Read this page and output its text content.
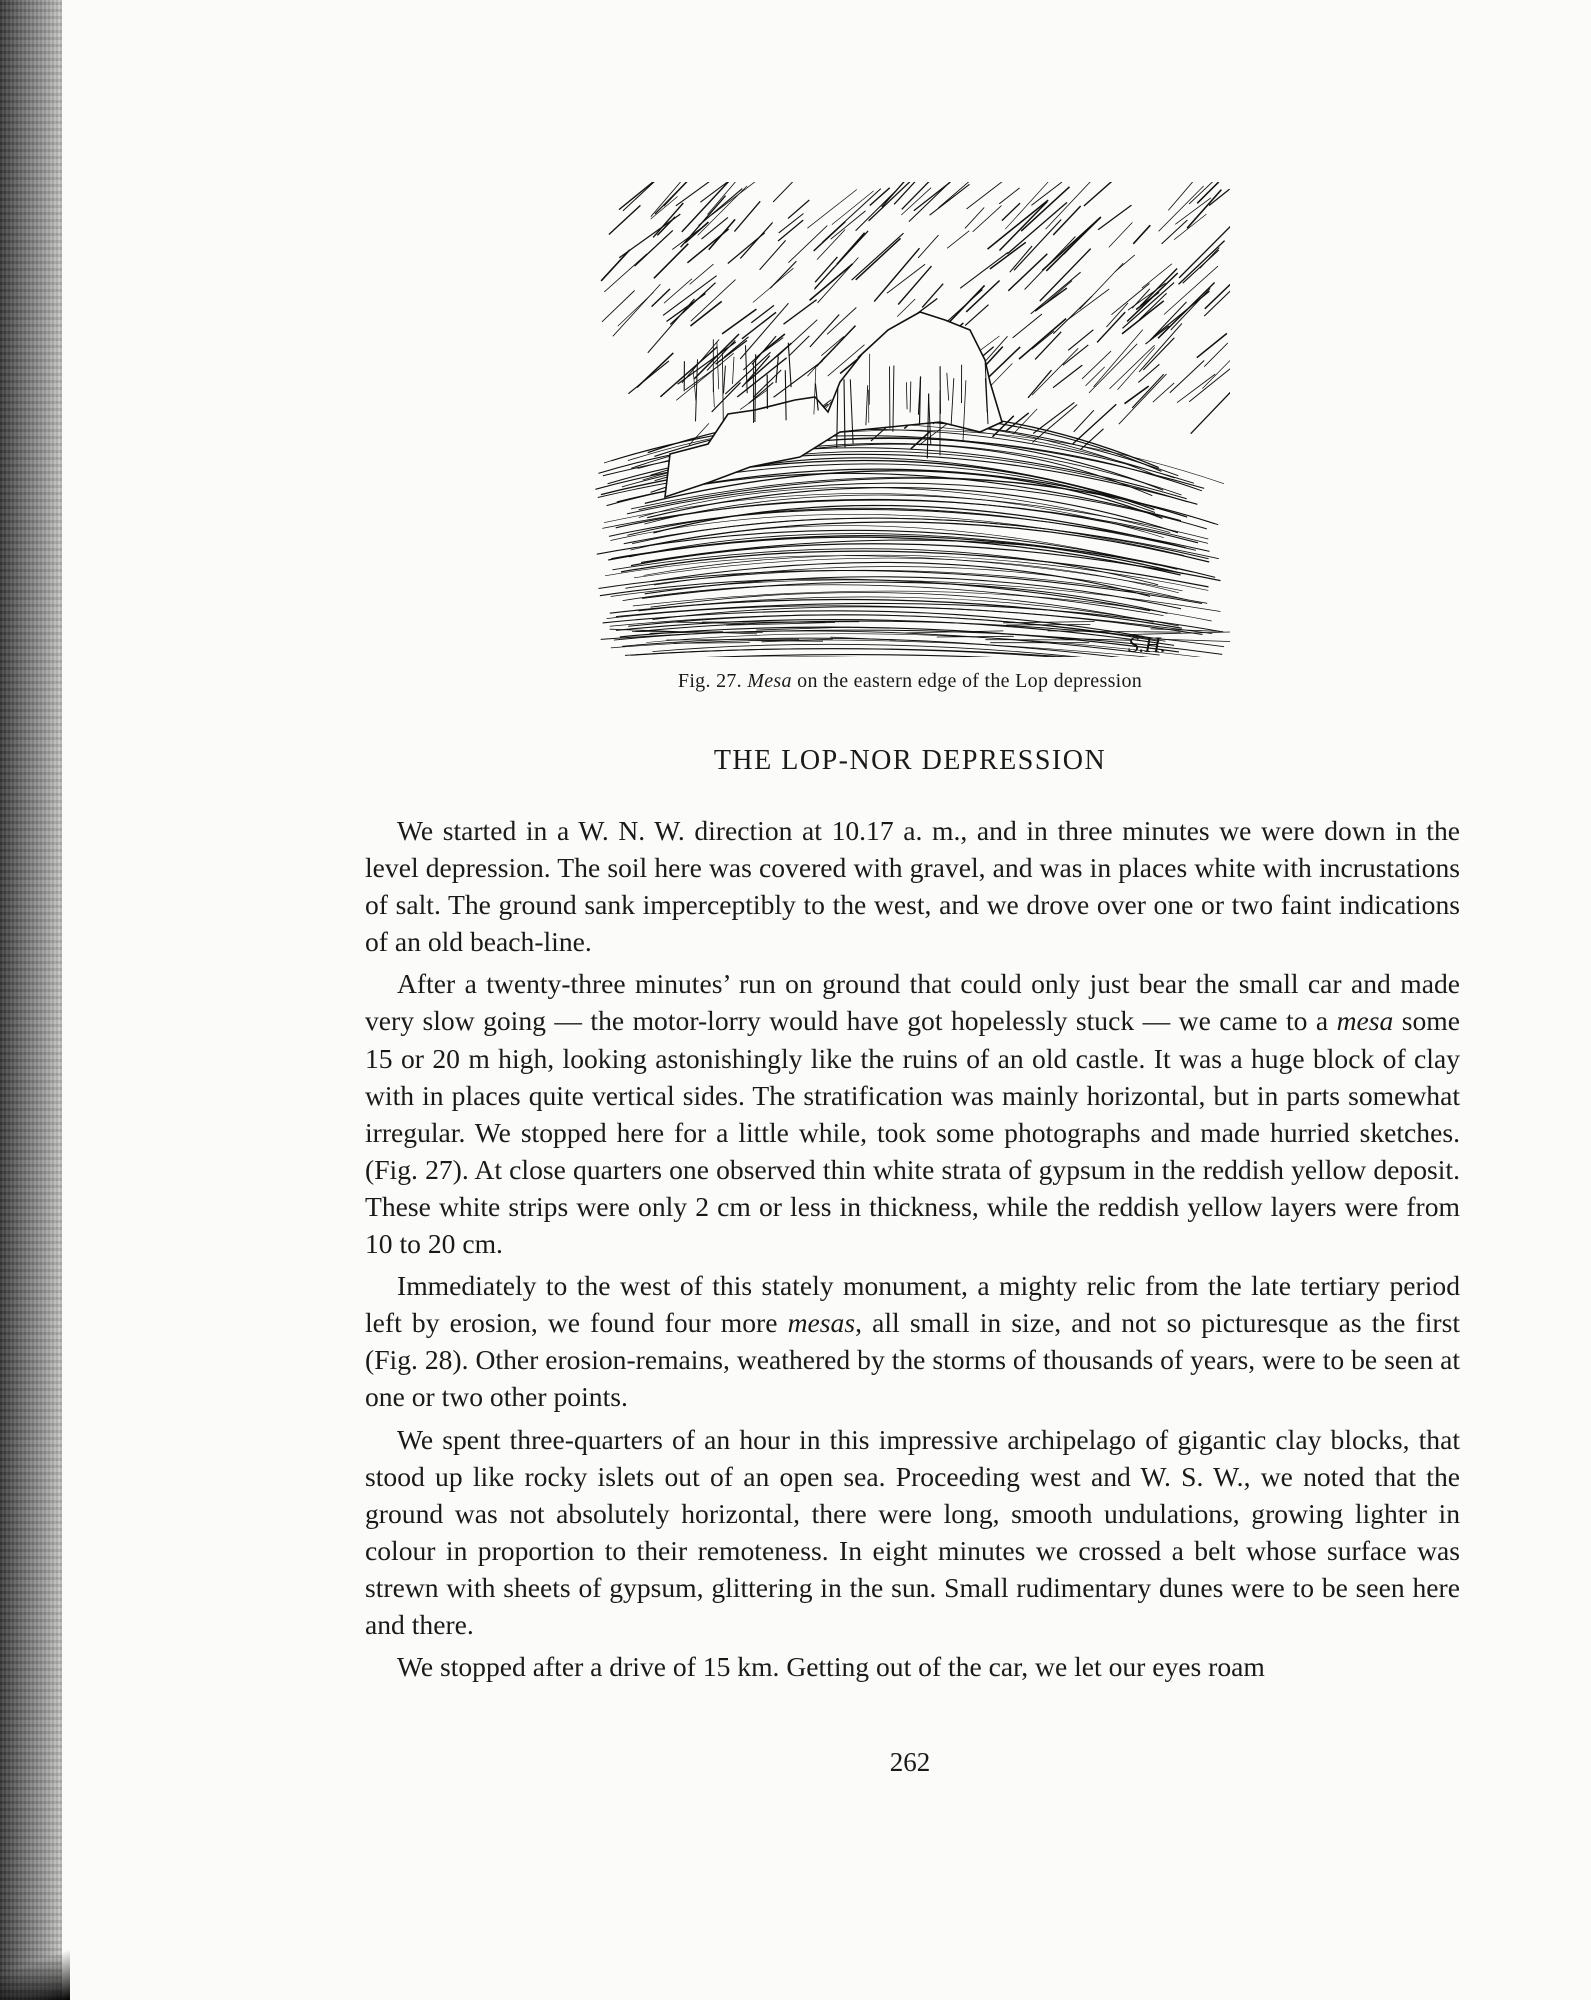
S.H.
Fig. 27. Mesa on the eastern edge of the Lop depression
THE LOP-NOR DEPRESSION

We started in a W. N. W. direction at 10.17 a. m., and in three minutes we were down in the level depression. The soil here was covered with gravel, and was in places white with incrustations of salt. The ground sank imperceptibly to the west, and we drove over one or two faint indications of an old beach-line.

After a twenty-three minutes’ run on ground that could only just bear the small car and made very slow going — the motor-lorry would have got hopelessly stuck — we came to a mesa some 15 or 20 m high, looking astonishingly like the ruins of an old castle. It was a huge block of clay with in places quite vertical sides. The stratification was mainly horizontal, but in parts somewhat irregular. We stopped here for a little while, took some photographs and made hurried sketches. (Fig. 27). At close quarters one observed thin white strata of gypsum in the reddish yellow deposit. These white strips were only 2 cm or less in thickness, while the reddish yellow layers were from 10 to 20 cm.

Immediately to the west of this stately monument, a mighty relic from the late tertiary period left by erosion, we found four more mesas, all small in size, and not so picturesque as the first (Fig. 28). Other erosion-remains, weathered by the storms of thousands of years, were to be seen at one or two other points.

We spent three-quarters of an hour in this impressive archipelago of gigantic clay blocks, that stood up like rocky islets out of an open sea. Proceeding west and W. S. W., we noted that the ground was not absolutely horizontal, there were long, smooth undulations, growing lighter in colour in proportion to their remoteness. In eight minutes we crossed a belt whose surface was strewn with sheets of gypsum, glittering in the sun. Small rudimentary dunes were to be seen here and there.

We stopped after a drive of 15 km. Getting out of the car, we let our eyes roam

262
